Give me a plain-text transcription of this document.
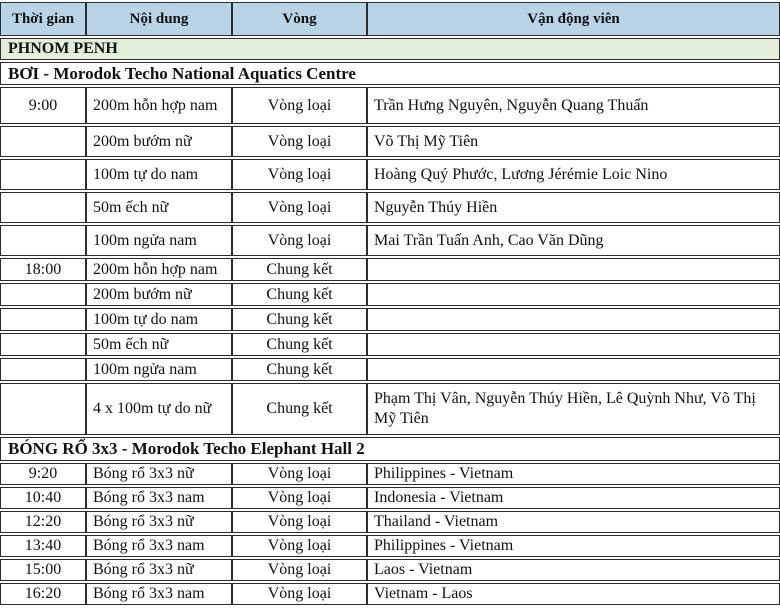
Thời gian	Nội dung	Vòng	Vận động viên
PHNOM PENH			
BƠI - Morodok Techo National Aquatics Centre			
9:00	200m hỗn hợp nam	Vòng loại	Trần Hưng Nguyên, Nguyễn Quang Thuấn
	200m bướm nữ	Vòng loại	Võ Thị Mỹ Tiên
	100m tự do nam	Vòng loại	Hoàng Quý Phước, Lương Jérémie Loic Nino
	50m ếch nữ	Vòng loại	Nguyễn Thúy Hiền
	100m ngửa nam	Vòng loại	Mai Trần Tuấn Anh, Cao Văn Dũng
18:00	200m hỗn hợp nam	Chung kết	
	200m bướm nữ	Chung kết	
	100m tự do nam	Chung kết	
	50m ếch nữ	Chung kết	
	100m ngửa nam	Chung kết	
	4 x 100m tự do nữ	Chung kết	Phạm Thị Vân, Nguyễn Thúy Hiền, Lê Quỳnh Như, Võ Thị Mỹ Tiên
BÓNG RỔ 3x3 - Morodok Techo Elephant Hall 2			
9:20	Bóng rổ 3x3 nữ	Vòng loại	Philippines - Vietnam
10:40	Bóng rổ 3x3 nam	Vòng loại	Indonesia - Vietnam
12:20	Bóng rổ 3x3 nữ	Vòng loại	Thailand - Vietnam
13:40	Bóng rổ 3x3 nam	Vòng loại	Philippines - Vietnam
15:00	Bóng rổ 3x3 nữ	Vòng loại	Laos - Vietnam
16:20	Bóng rổ 3x3 nam	Vòng loại	Vietnam - Laos
